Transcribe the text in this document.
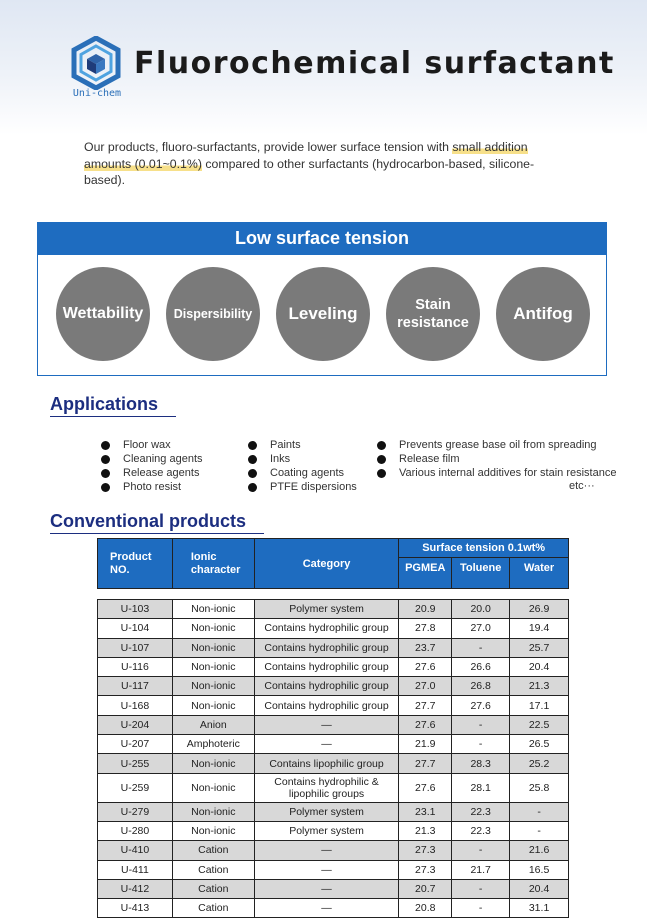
Uni-chem
Fluorochemical surfactant
Our products, fluoro-surfactants, provide lower surface tension with small addition amounts (0.01~0.1%) compared to other surfactants (hydrocarbon-based, silicone-based).
Low surface tension
Wettability	Dispersibility	Leveling	Stain resistance	Antifog
Applications
Floor wax
Cleaning agents
Release agents
Photo resist
Paints
Inks
Coating agents
PTFE dispersions
Prevents grease base oil from spreading
Release film
Various internal additives for stain resistance
etc···
Conventional products
Product NO.	Ionic character	Category	Surface tension 0.1wt%		
			PGMEA	Toluene	Water

U-103	Non-ionic	Polymer system	20.9	20.0	26.9
U-104	Non-ionic	Contains hydrophilic group	27.8	27.0	19.4
U-107	Non-ionic	Contains hydrophilic group	23.7	-	25.7
U-116	Non-ionic	Contains hydrophilic group	27.6	26.6	20.4
U-117	Non-ionic	Contains hydrophilic group	27.0	26.8	21.3
U-168	Non-ionic	Contains hydrophilic group	27.7	27.6	17.1
U-204	Anion	—	27.6	-	22.5
U-207	Amphoteric	—	21.9	-	26.5
U-255	Non-ionic	Contains lipophilic group	27.7	28.3	25.2
U-259	Non-ionic	Contains hydrophilic & lipophilic groups	27.6	28.1	25.8
U-279	Non-ionic	Polymer system	23.1	22.3	-
U-280	Non-ionic	Polymer system	21.3	22.3	-
U-410	Cation	—	27.3	-	21.6
U-411	Cation	—	27.3	21.7	16.5
U-412	Cation	—	20.7	-	20.4
U-413	Cation	—	20.8	-	31.1
